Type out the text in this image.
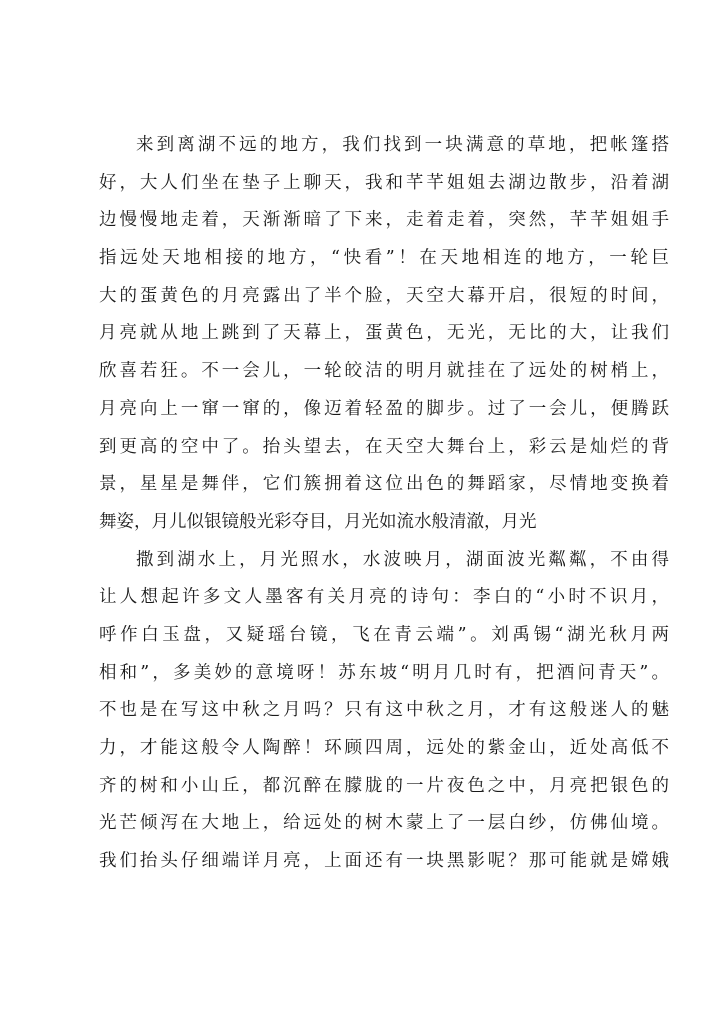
来到离湖不远的地方，我们找到一块满意的草地，把帐篷搭
好，大人们坐在垫子上聊天，我和芊芊姐姐去湖边散步，沿着湖
边慢慢地走着，天渐渐暗了下来，走着走着，突然，芊芊姐姐手
指远处天地相接的地方，“快看”！在天地相连的地方，一轮巨
大的蛋黄色的月亮露出了半个脸，天空大幕开启，很短的时间，
月亮就从地上跳到了天幕上，蛋黄色，无光，无比的大，让我们
欣喜若狂。不一会儿，一轮皎洁的明月就挂在了远处的树梢上，
月亮向上一窜一窜的，像迈着轻盈的脚步。过了一会儿，便腾跃
到更高的空中了。抬头望去，在天空大舞台上，彩云是灿烂的背
景，星星是舞伴，它们簇拥着这位出色的舞蹈家，尽情地变换着
舞姿，月儿似银镜般光彩夺目，月光如流水般清澈，月光
撒到湖水上，月光照水，水波映月，湖面波光粼粼，不由得
让人想起许多文人墨客有关月亮的诗句：李白的“小时不识月，
呼作白玉盘，又疑瑶台镜，飞在青云端”。刘禹锡“湖光秋月两
相和”，多美妙的意境呀！苏东坡“明月几时有，把酒问青天”。
不也是在写这中秋之月吗？只有这中秋之月，才有这般迷人的魅
力，才能这般令人陶醉！环顾四周，远处的紫金山，近处高低不
齐的树和小山丘，都沉醉在朦胧的一片夜色之中，月亮把银色的
光芒倾泻在大地上，给远处的树木蒙上了一层白纱，仿佛仙境。
我们抬头仔细端详月亮，上面还有一块黑影呢？那可能就是嫦娥
